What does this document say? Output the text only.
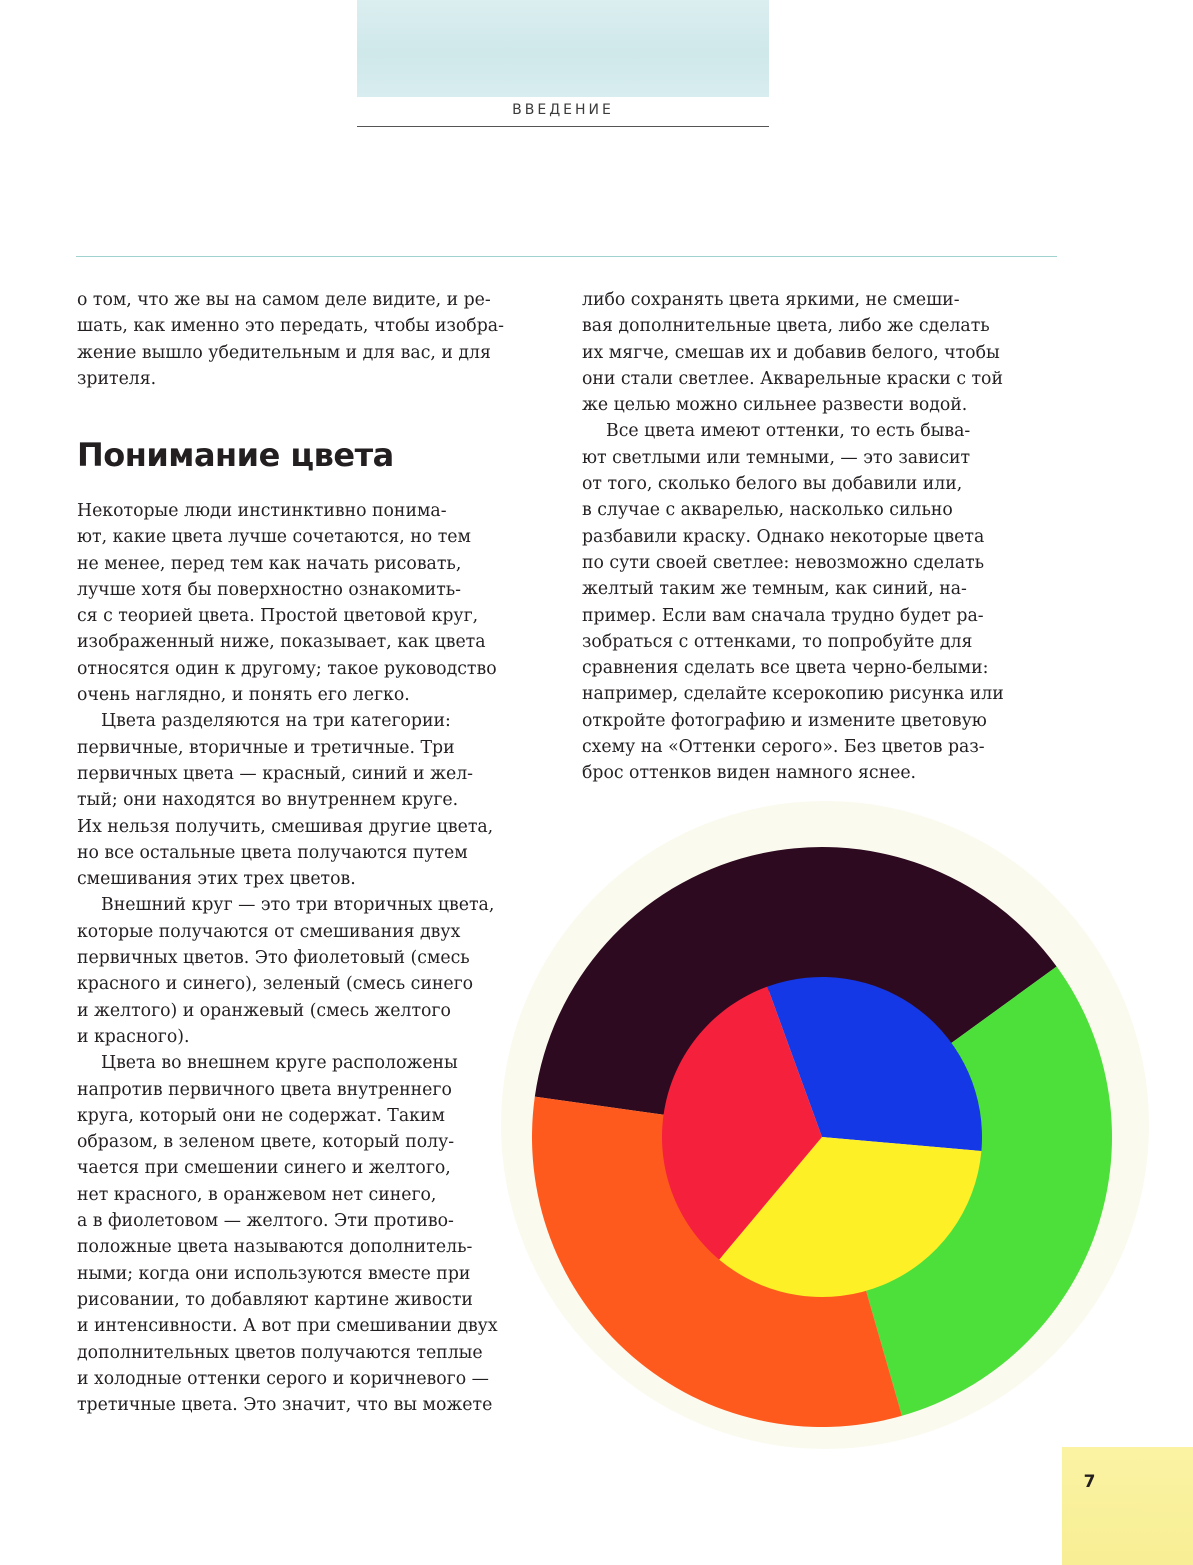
ВВЕДЕНИЕ

о том, что же вы на самом деле видите, и ре-

шать, как именно это передать, чтобы изобра-

жение вышло убедительным и для вас, и для

зрителя.

Понимание цвета

Некоторые люди инстинктивно понима-

ют, какие цвета лучше сочетаются, но тем

не менее, перед тем как начать рисовать,

лучше хотя бы поверхностно ознакомить-

ся с теорией цвета. Простой цветовой круг,

изображенный ниже, показывает, как цвета

относятся один к другому; такое руководство

очень наглядно, и понять его легко.

Цвета разделяются на три категории:

первичные, вторичные и третичные. Три

первичных цвета — красный, синий и жел-

тый; они находятся во внутреннем круге.

Их нельзя получить, смешивая другие цвета,

но все остальные цвета получаются путем

смешивания этих трех цветов.

Внешний круг — это три вторичных цвета,

которые получаются от смешивания двух

первичных цветов. Это фиолетовый (смесь

красного и синего), зеленый (смесь синего

и желтого) и оранжевый (смесь желтого

и красного).

Цвета во внешнем круге расположены

напротив первичного цвета внутреннего

круга, который они не содержат. Таким

образом, в зеленом цвете, который полу-

чается при смешении синего и желтого,

нет красного, в оранжевом нет синего,

а в фиолетовом — желтого. Эти противо-

положные цвета называются дополнитель-

ными; когда они используются вместе при

рисовании, то добавляют картине живости

и интенсивности. А вот при смешивании двух

дополнительных цветов получаются теплые

и холодные оттенки серого и коричневого —

третичные цвета. Это значит, что вы можете

либо сохранять цвета яркими, не смеши-

вая дополнительные цвета, либо же сделать

их мягче, смешав их и добавив белого, чтобы

они стали светлее. Акварельные краски с той

же целью можно сильнее развести водой.

Все цвета имеют оттенки, то есть быва-

ют светлыми или темными, — это зависит

от того, сколько белого вы добавили или,

в случае с акварелью, насколько сильно

разбавили краску. Однако некоторые цвета

по сути своей светлее: невозможно сделать

желтый таким же темным, как синий, на-

пример. Если вам сначала трудно будет ра-

зобраться с оттенками, то попробуйте для

сравнения сделать все цвета черно-белыми:

например, сделайте ксерокопию рисунка или

откройте фотографию и измените цветовую

схему на «Оттенки серого». Без цветов раз-

брос оттенков виден намного яснее.

7
